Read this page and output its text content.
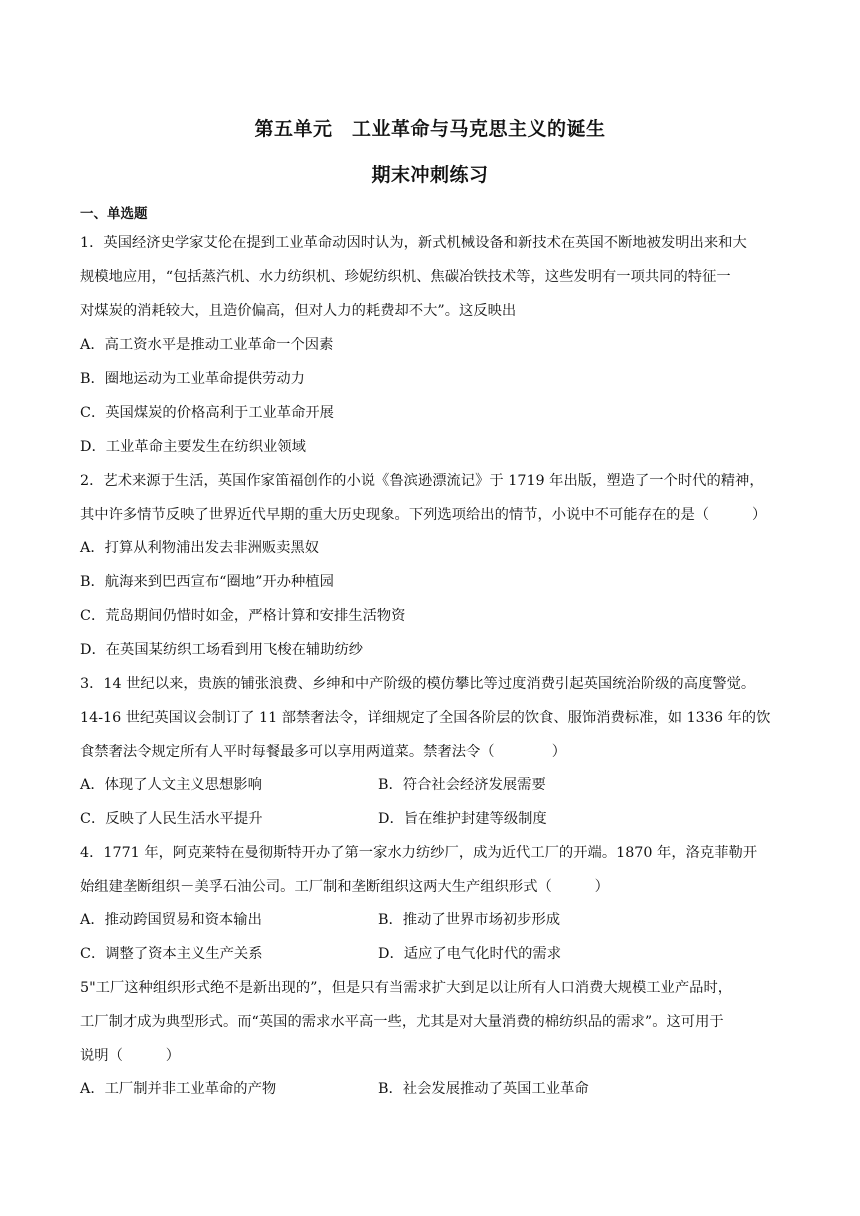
第五单元　工业革命与马克思主义的诞生
期末冲刺练习
一、单选题
1．英国经济史学家艾伦在提到工业革命动因时认为，新式机械设备和新技术在英国不断地被发明出来和大
规模地应用，“包括蒸汽机、水力纺织机、珍妮纺织机、焦碳冶铁技术等，这些发明有一项共同的特征一
对煤炭的消耗较大，且造价偏高，但对人力的耗费却不大”。这反映出
A．高工资水平是推动工业革命一个因素
B．圈地运动为工业革命提供劳动力
C．英国煤炭的价格高利于工业革命开展
D．工业革命主要发生在纺织业领域
2．艺术来源于生活，英国作家笛福创作的小说《鲁滨逊漂流记》于 1719 年出版，塑造了一个时代的精神，
其中许多情节反映了世界近代早期的重大历史现象。下列选项给出的情节，小说中不可能存在的是（　　　）
A．打算从利物浦出发去非洲贩卖黑奴
B．航海来到巴西宣布“圈地”开办种植园
C．荒岛期间仍惜时如金，严格计算和安排生活物资
D．在英国某纺织工场看到用飞梭在辅助纺纱
3．14 世纪以来，贵族的铺张浪费、乡绅和中产阶级的模仿攀比等过度消费引起英国统治阶级的高度警觉。
14-16 世纪英国议会制订了 11 部禁奢法令，详细规定了全国各阶层的饮食、服饰消费标准，如 1336 年的饮
食禁奢法令规定所有人平时每餐最多可以享用两道菜。禁奢法令（　　　　）
A．体现了人文主义思想影响	B．符合社会经济发展需要
C．反映了人民生活水平提升	D．旨在维护封建等级制度
4．1771 年，阿克莱特在曼彻斯特开办了第一家水力纺纱厂，成为近代工厂的开端。1870 年，洛克菲勒开
始组建垄断组织－美孚石油公司。工厂制和垄断组织这两大生产组织形式（　　　）
A．推动跨国贸易和资本输出	B．推动了世界市场初步形成
C．调整了资本主义生产关系	D．适应了电气化时代的需求
5"工厂这种组织形式绝不是新出现的”，但是只有当需求扩大到足以让所有人口消费大规模工业产品时，
工厂制才成为典型形式。而“英国的需求水平高一些，尤其是对大量消费的棉纺织品的需求”。这可用于
说明（　　　）
A．工厂制并非工业革命的产物	B．社会发展推动了英国工业革命
